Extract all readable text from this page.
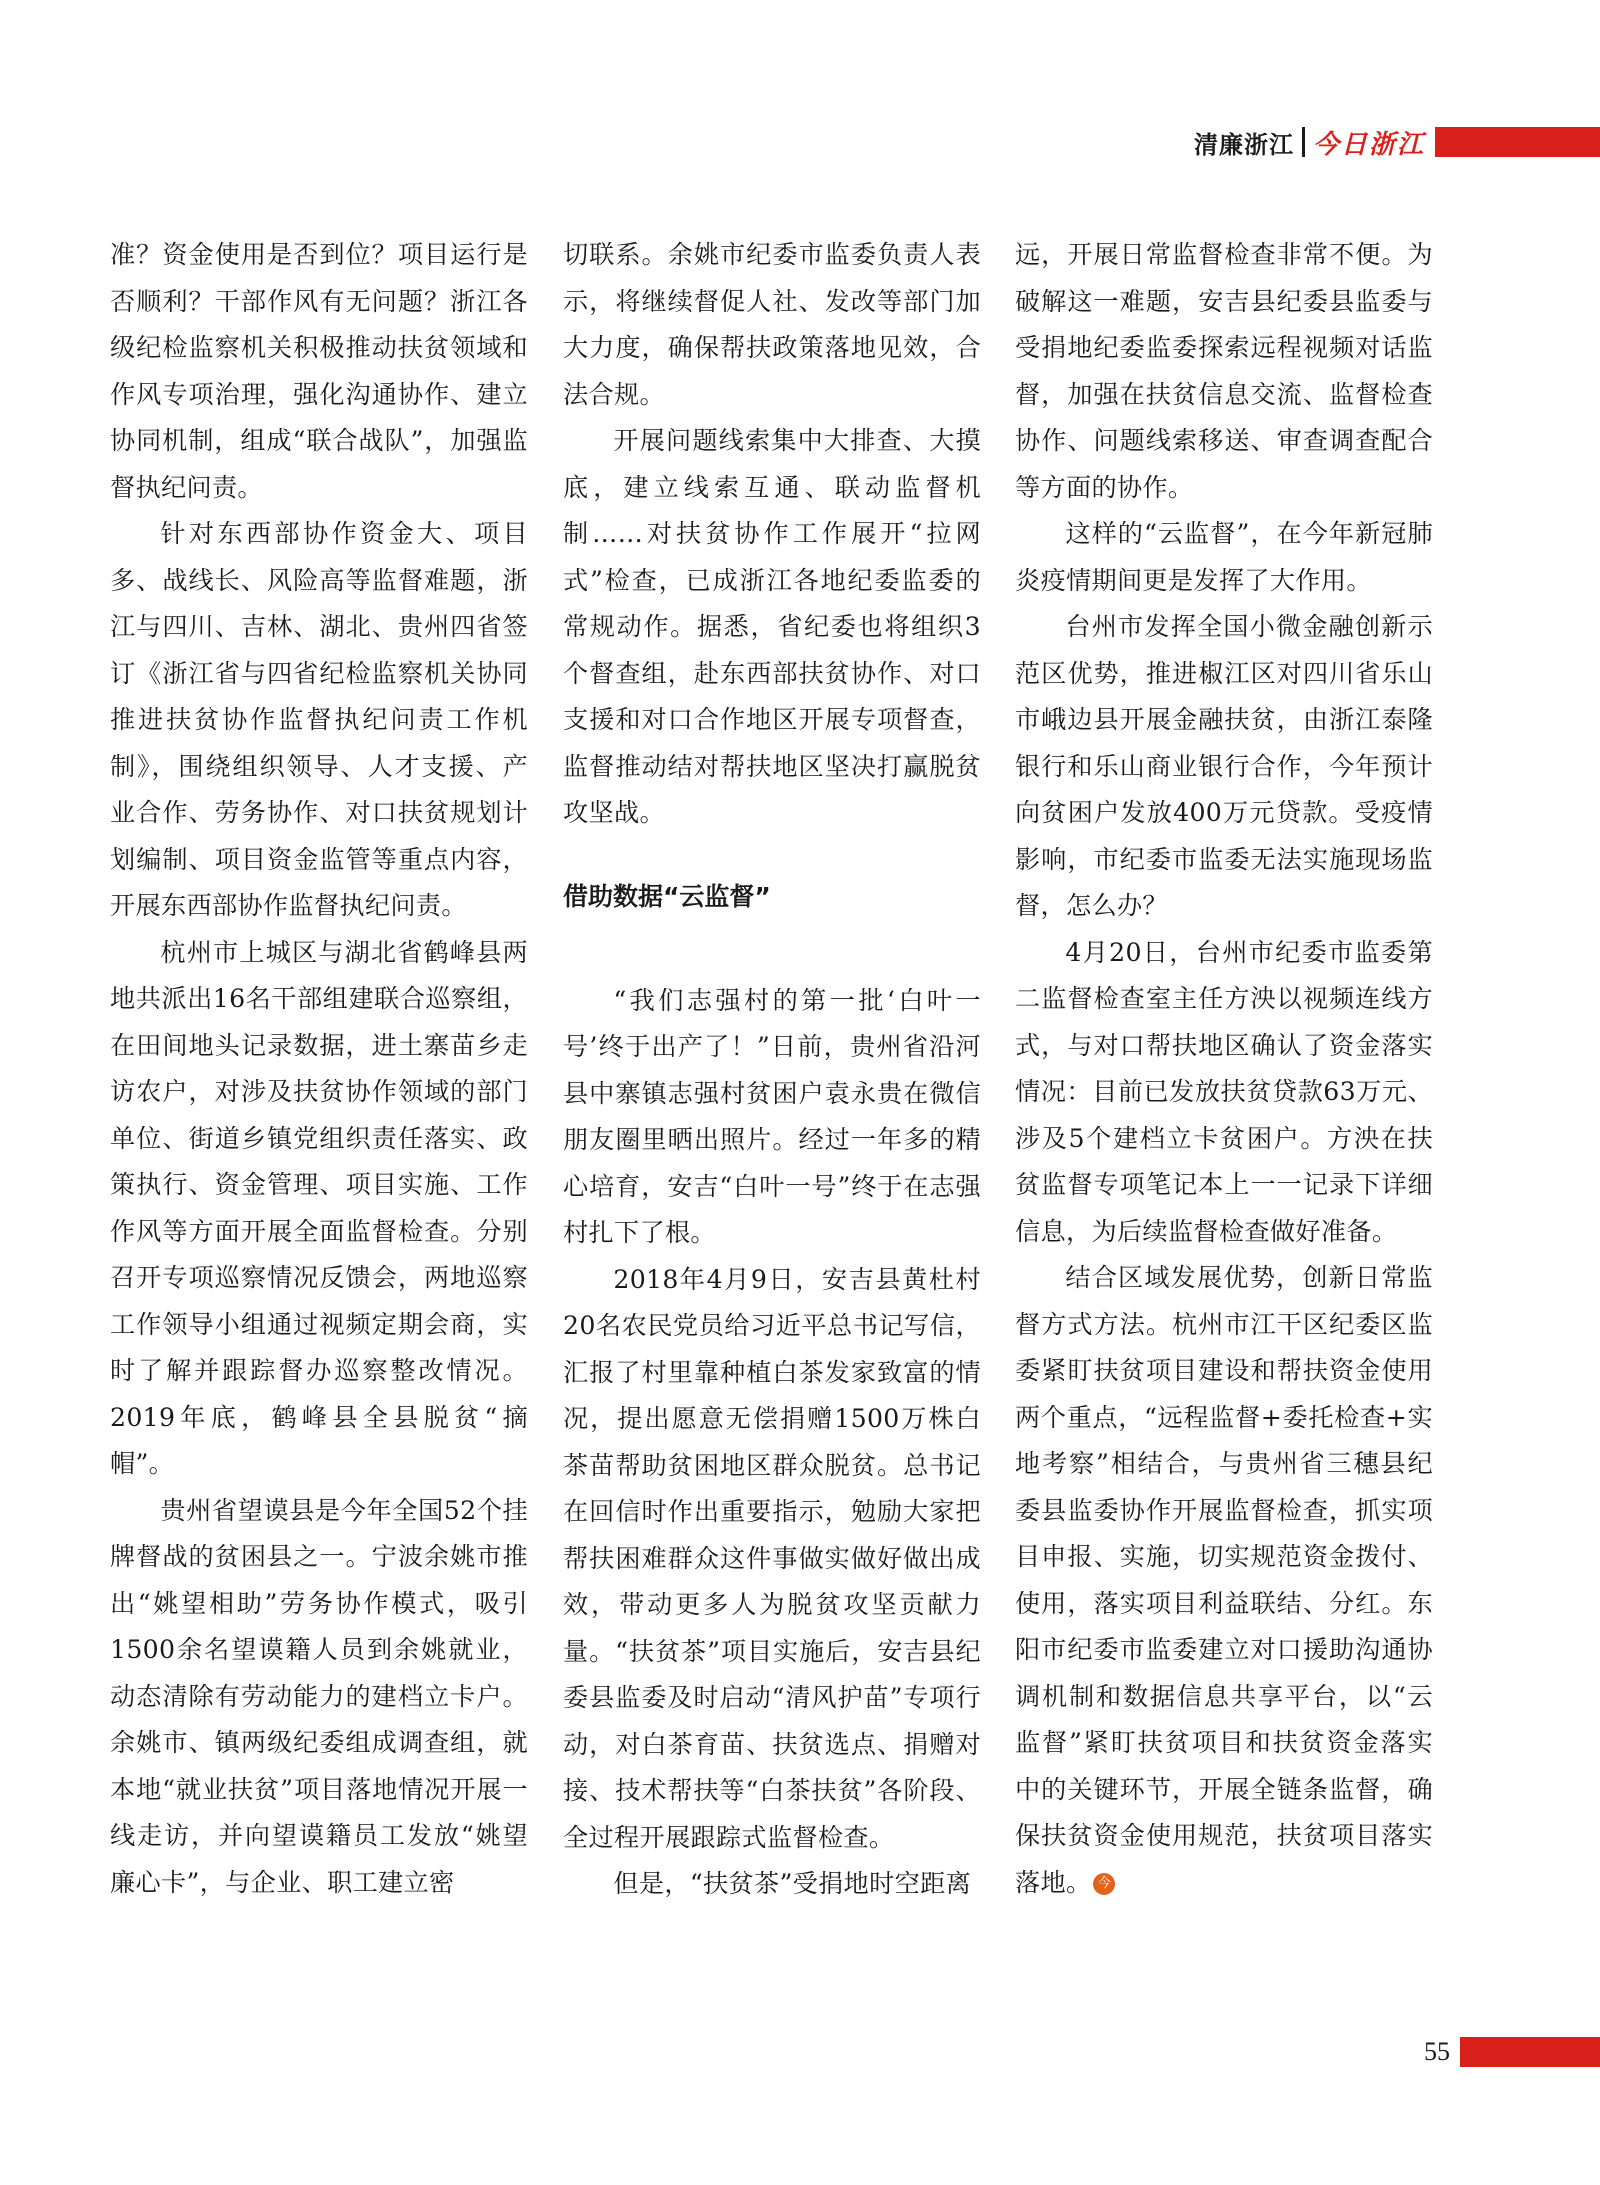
清廉浙江 今日浙江

准？资金使用是否到位？项目运行是否顺利？干部作风有无问题？浙江各级纪检监察机关积极推动扶贫领域和作风专项治理，强化沟通协作、建立协同机制，组成“联合战队”，加强监督执纪问责。

针对东西部协作资金大、项目多、战线长、风险高等监督难题，浙江与四川、吉林、湖北、贵州四省签订《浙江省与四省纪检监察机关协同推进扶贫协作监督执纪问责工作机制》，围绕组织领导、人才支援、产业合作、劳务协作、对口扶贫规划计划编制、项目资金监管等重点内容，开展东西部协作监督执纪问责。

杭州市上城区与湖北省鹤峰县两地共派出16名干部组建联合巡察组，在田间地头记录数据，进土寨苗乡走访农户，对涉及扶贫协作领域的部门单位、街道乡镇党组织责任落实、政策执行、资金管理、项目实施、工作作风等方面开展全面监督检查。分别召开专项巡察情况反馈会，两地巡察工作领导小组通过视频定期会商，实时了解并跟踪督办巡察整改情况。2019年底，鹤峰县全县脱贫“摘帽”。

贵州省望谟县是今年全国52个挂牌督战的贫困县之一。宁波余姚市推出“姚望相助”劳务协作模式，吸引1500余名望谟籍人员到余姚就业，动态清除有劳动能力的建档立卡户。余姚市、镇两级纪委组成调查组，就本地“就业扶贫”项目落地情况开展一线走访，并向望谟籍员工发放“姚望廉心卡”，与企业、职工建立密

切联系。余姚市纪委市监委负责人表示，将继续督促人社、发改等部门加大力度，确保帮扶政策落地见效，合法合规。

开展问题线索集中大排查、大摸底，建立线索互通、联动监督机制……对扶贫协作工作展开“拉网式”检查，已成浙江各地纪委监委的常规动作。据悉，省纪委也将组织3个督查组，赴东西部扶贫协作、对口支援和对口合作地区开展专项督查，监督推动结对帮扶地区坚决打赢脱贫攻坚战。

借助数据“云监督”

“我们志强村的第一批‘白叶一号’终于出产了！”日前，贵州省沿河县中寨镇志强村贫困户袁永贵在微信朋友圈里晒出照片。经过一年多的精心培育，安吉“白叶一号”终于在志强村扎下了根。

2018年4月9日，安吉县黄杜村20名农民党员给习近平总书记写信，汇报了村里靠种植白茶发家致富的情况，提出愿意无偿捐赠1500万株白茶苗帮助贫困地区群众脱贫。总书记在回信时作出重要指示，勉励大家把帮扶困难群众这件事做实做好做出成效，带动更多人为脱贫攻坚贡献力量。“扶贫茶”项目实施后，安吉县纪委县监委及时启动“清风护苗”专项行动，对白茶育苗、扶贫选点、捐赠对接、技术帮扶等“白茶扶贫”各阶段、全过程开展跟踪式监督检查。

但是，“扶贫茶”受捐地时空距离

远，开展日常监督检查非常不便。为破解这一难题，安吉县纪委县监委与受捐地纪委监委探索远程视频对话监督，加强在扶贫信息交流、监督检查协作、问题线索移送、审查调查配合等方面的协作。

这样的“云监督”，在今年新冠肺炎疫情期间更是发挥了大作用。

台州市发挥全国小微金融创新示范区优势，推进椒江区对四川省乐山市峨边县开展金融扶贫，由浙江泰隆银行和乐山商业银行合作，今年预计向贫困户发放400万元贷款。受疫情影响，市纪委市监委无法实施现场监督，怎么办？

4月20日，台州市纪委市监委第二监督检查室主任方泱以视频连线方式，与对口帮扶地区确认了资金落实情况：目前已发放扶贫贷款63万元、涉及5个建档立卡贫困户。方泱在扶贫监督专项笔记本上一一记录下详细信息，为后续监督检查做好准备。

结合区域发展优势，创新日常监督方式方法。杭州市江干区纪委区监委紧盯扶贫项目建设和帮扶资金使用两个重点，“远程监督+委托检查+实地考察”相结合，与贵州省三穗县纪委县监委协作开展监督检查，抓实项目申报、实施，切实规范资金拨付、使用，落实项目利益联结、分红。东阳市纪委市监委建立对口援助沟通协调机制和数据信息共享平台，以“云监督”紧盯扶贫项目和扶贫资金落实中的关键环节，开展全链条监督，确保扶贫资金使用规范，扶贫项目落实落地。 今

55
